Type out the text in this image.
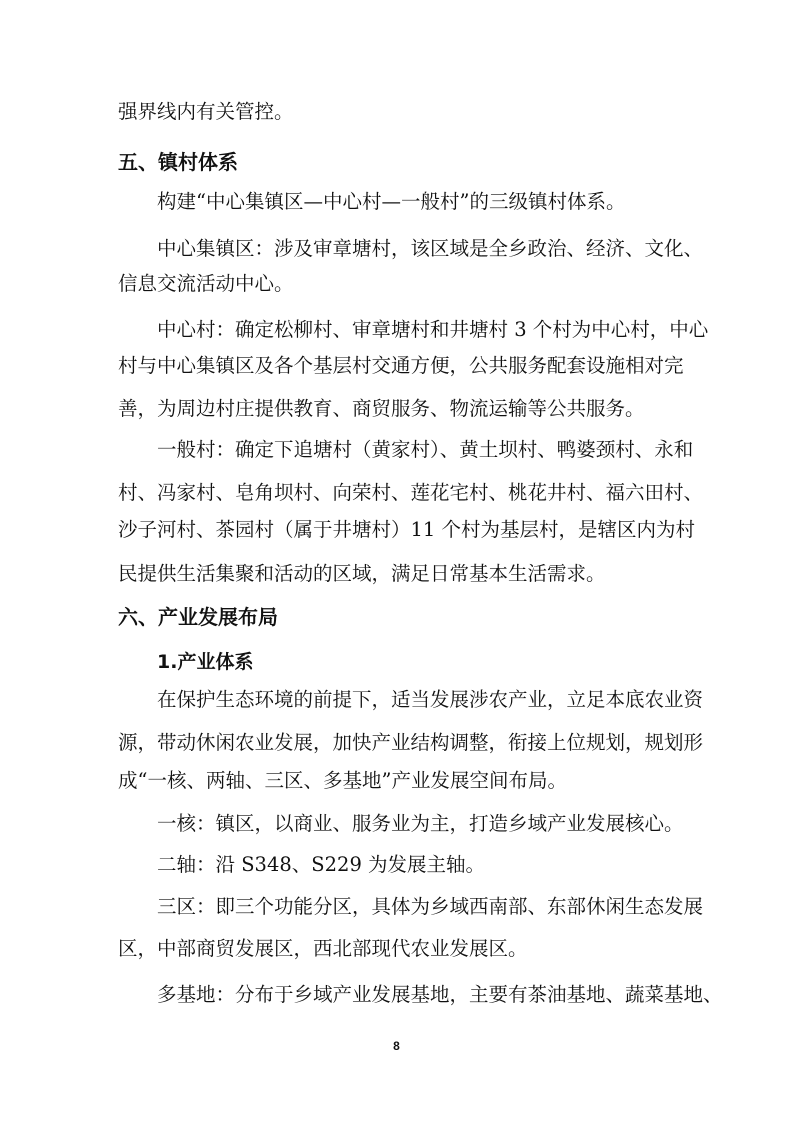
强界线内有关管控。
五、镇村体系
构建“中心集镇区—中心村—一般村”的三级镇村体系。
中心集镇区：涉及审章塘村，该区域是全乡政治、经济、文化、
信息交流活动中心。
中心村：确定松柳村、审章塘村和井塘村 3 个村为中心村，中心
村与中心集镇区及各个基层村交通方便，公共服务配套设施相对完
善，为周边村庄提供教育、商贸服务、物流运输等公共服务。
一般村：确定下追塘村（黄家村）、黄土坝村、鸭婆颈村、永和
村、冯家村、皂角坝村、向荣村、莲花宅村、桃花井村、福六田村、
沙子河村、茶园村（属于井塘村）11 个村为基层村，是辖区内为村
民提供生活集聚和活动的区域，满足日常基本生活需求。
六、产业发展布局
1.产业体系
在保护生态环境的前提下，适当发展涉农产业，立足本底农业资
源，带动休闲农业发展，加快产业结构调整，衔接上位规划，规划形
成“一核、两轴、三区、多基地”产业发展空间布局。
一核：镇区，以商业、服务业为主，打造乡域产业发展核心。
二轴：沿 S348、S229 为发展主轴。
三区：即三个功能分区，具体为乡域西南部、东部休闲生态发展
区，中部商贸发展区，西北部现代农业发展区。
多基地：分布于乡域产业发展基地，主要有茶油基地、蔬菜基地、
8
